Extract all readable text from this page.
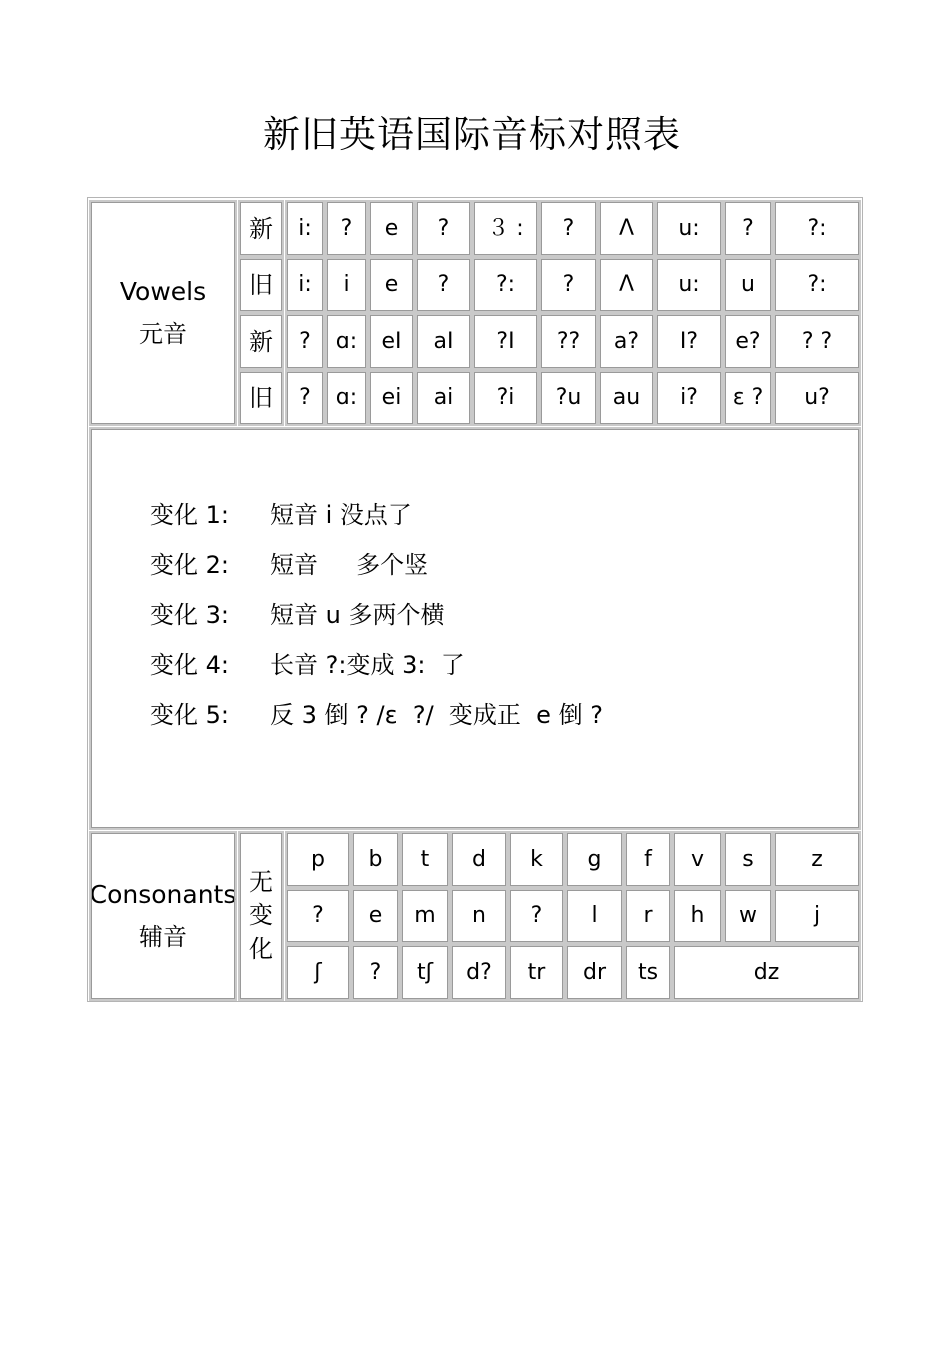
新旧英语国际音标对照表
Vowels
元音
新	i:	?	e	?	３ :	?	Λ	u:	?	?:
旧	i:	i	e	?	?:	?	Λ	u:	u	?:
新	?	ɑ:	eI	aI	?I	??	a?	I?	e?	? ?
旧	?	ɑ:	ei	ai	?i	?u	au	i?	ε ?	u?
变化 1: 短音 i 没点了
变化 2: 短音     多个竖
变化 3: 短音 u 多两个横
变化 4: 长音 ?:变成 3:  了
变化 5: 反 3 倒 ? /ε  ?/  变成正  e 倒 ?
Consonants
辅音
无
变
化
p	b	t	d	k	g	f	v	s	z
?	e	m	n	?	l	r	h	w	j
ʃ	?	tʃ	d?	tr	dr	ts	dz
